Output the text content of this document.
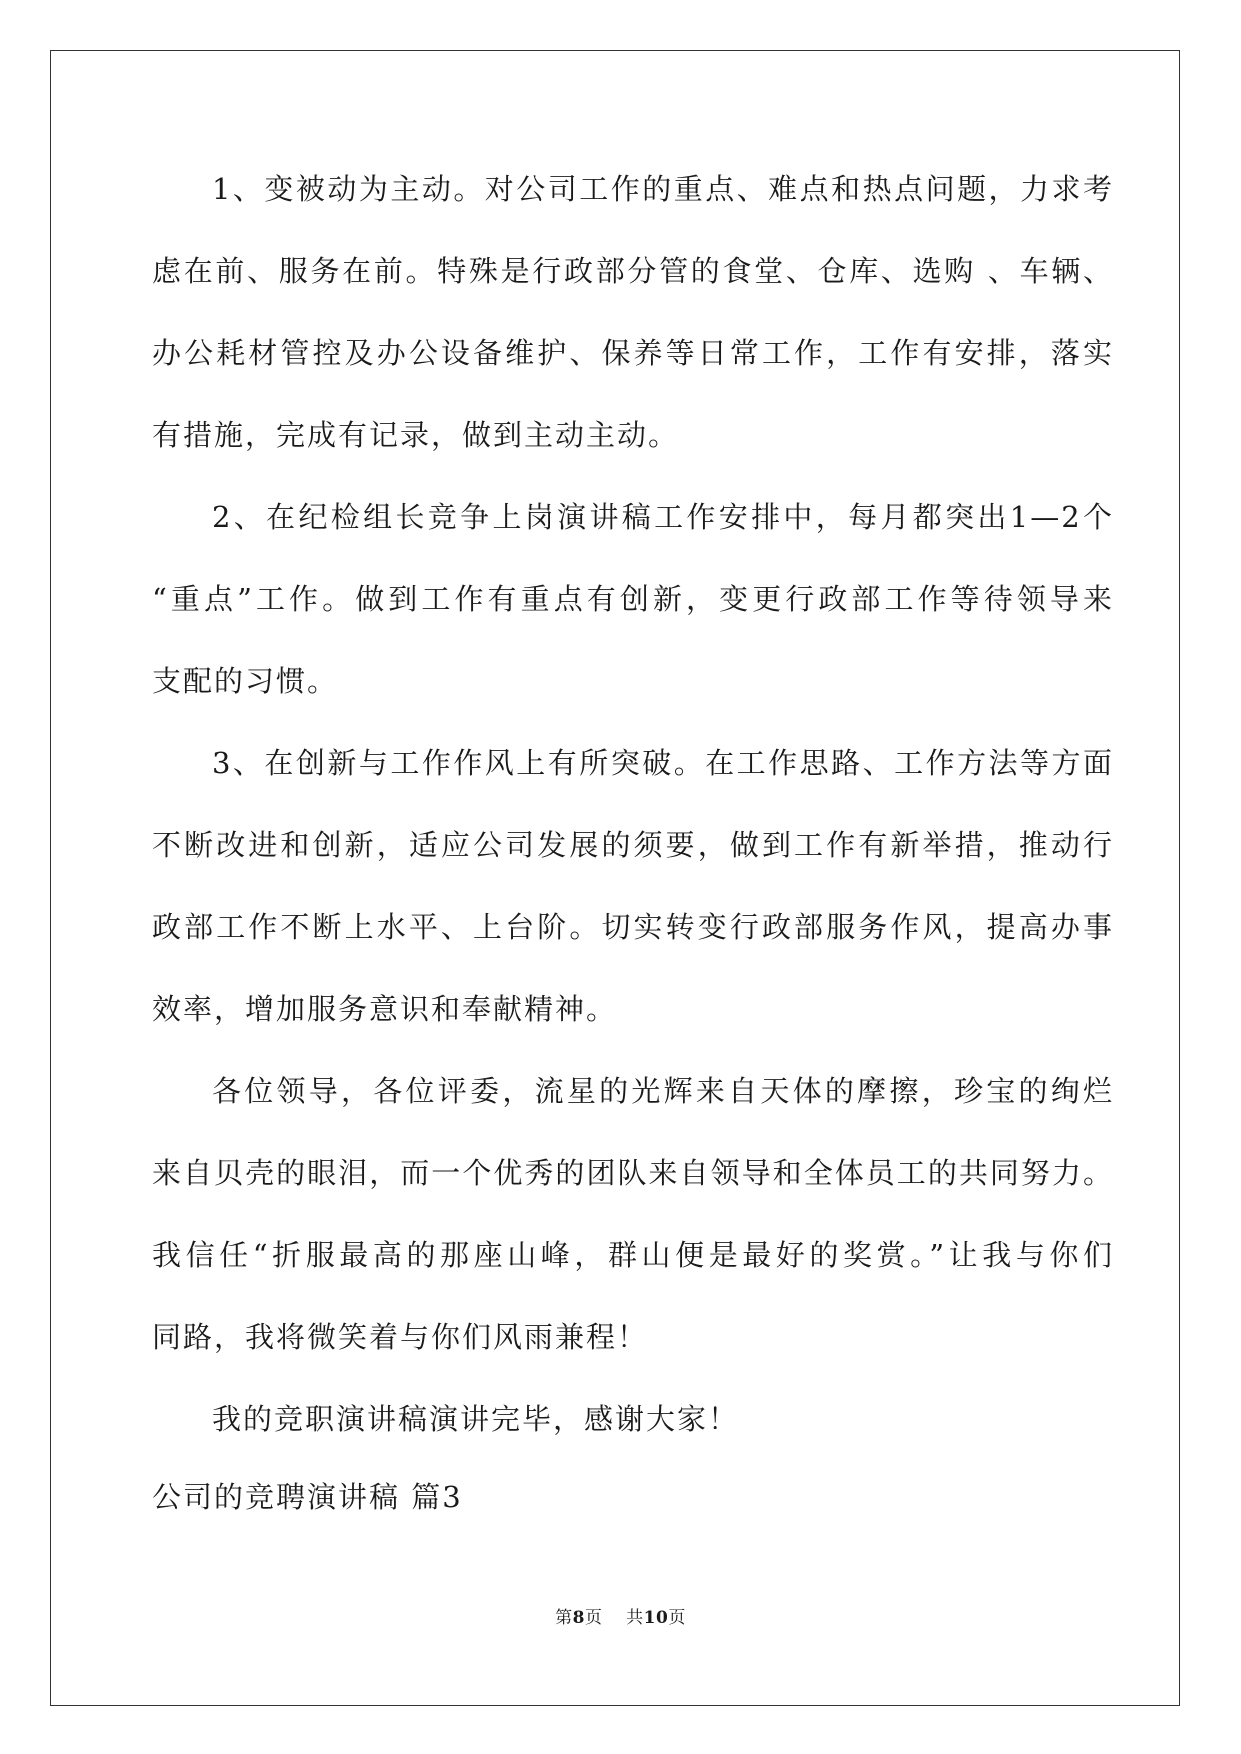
1、变被动为主动。对公司工作的重点、难点和热点问题，力求考
虑在前、服务在前。特殊是行政部分管的食堂、仓库、选购 、车辆、
办公耗材管控及办公设备维护、保养等日常工作，工作有安排，落实
有措施，完成有记录，做到主动主动。
2、在纪检组长竞争上岗演讲稿工作安排中，每月都突出1—2个
“重点”工作。做到工作有重点有创新，变更行政部工作等待领导来
支配的习惯。
3、在创新与工作作风上有所突破。在工作思路、工作方法等方面
不断改进和创新，适应公司发展的须要，做到工作有新举措，推动行
政部工作不断上水平、上台阶。切实转变行政部服务作风，提高办事
效率，增加服务意识和奉献精神。
各位领导，各位评委，流星的光辉来自天体的摩擦，珍宝的绚烂
来自贝壳的眼泪，而一个优秀的团队来自领导和全体员工的共同努力。
我信任“折服最高的那座山峰，群山便是最好的奖赏。”让我与你们
同路，我将微笑着与你们风雨兼程！
我的竞职演讲稿演讲完毕，感谢大家！
公司的竞聘演讲稿 篇3
第8页 共10页
